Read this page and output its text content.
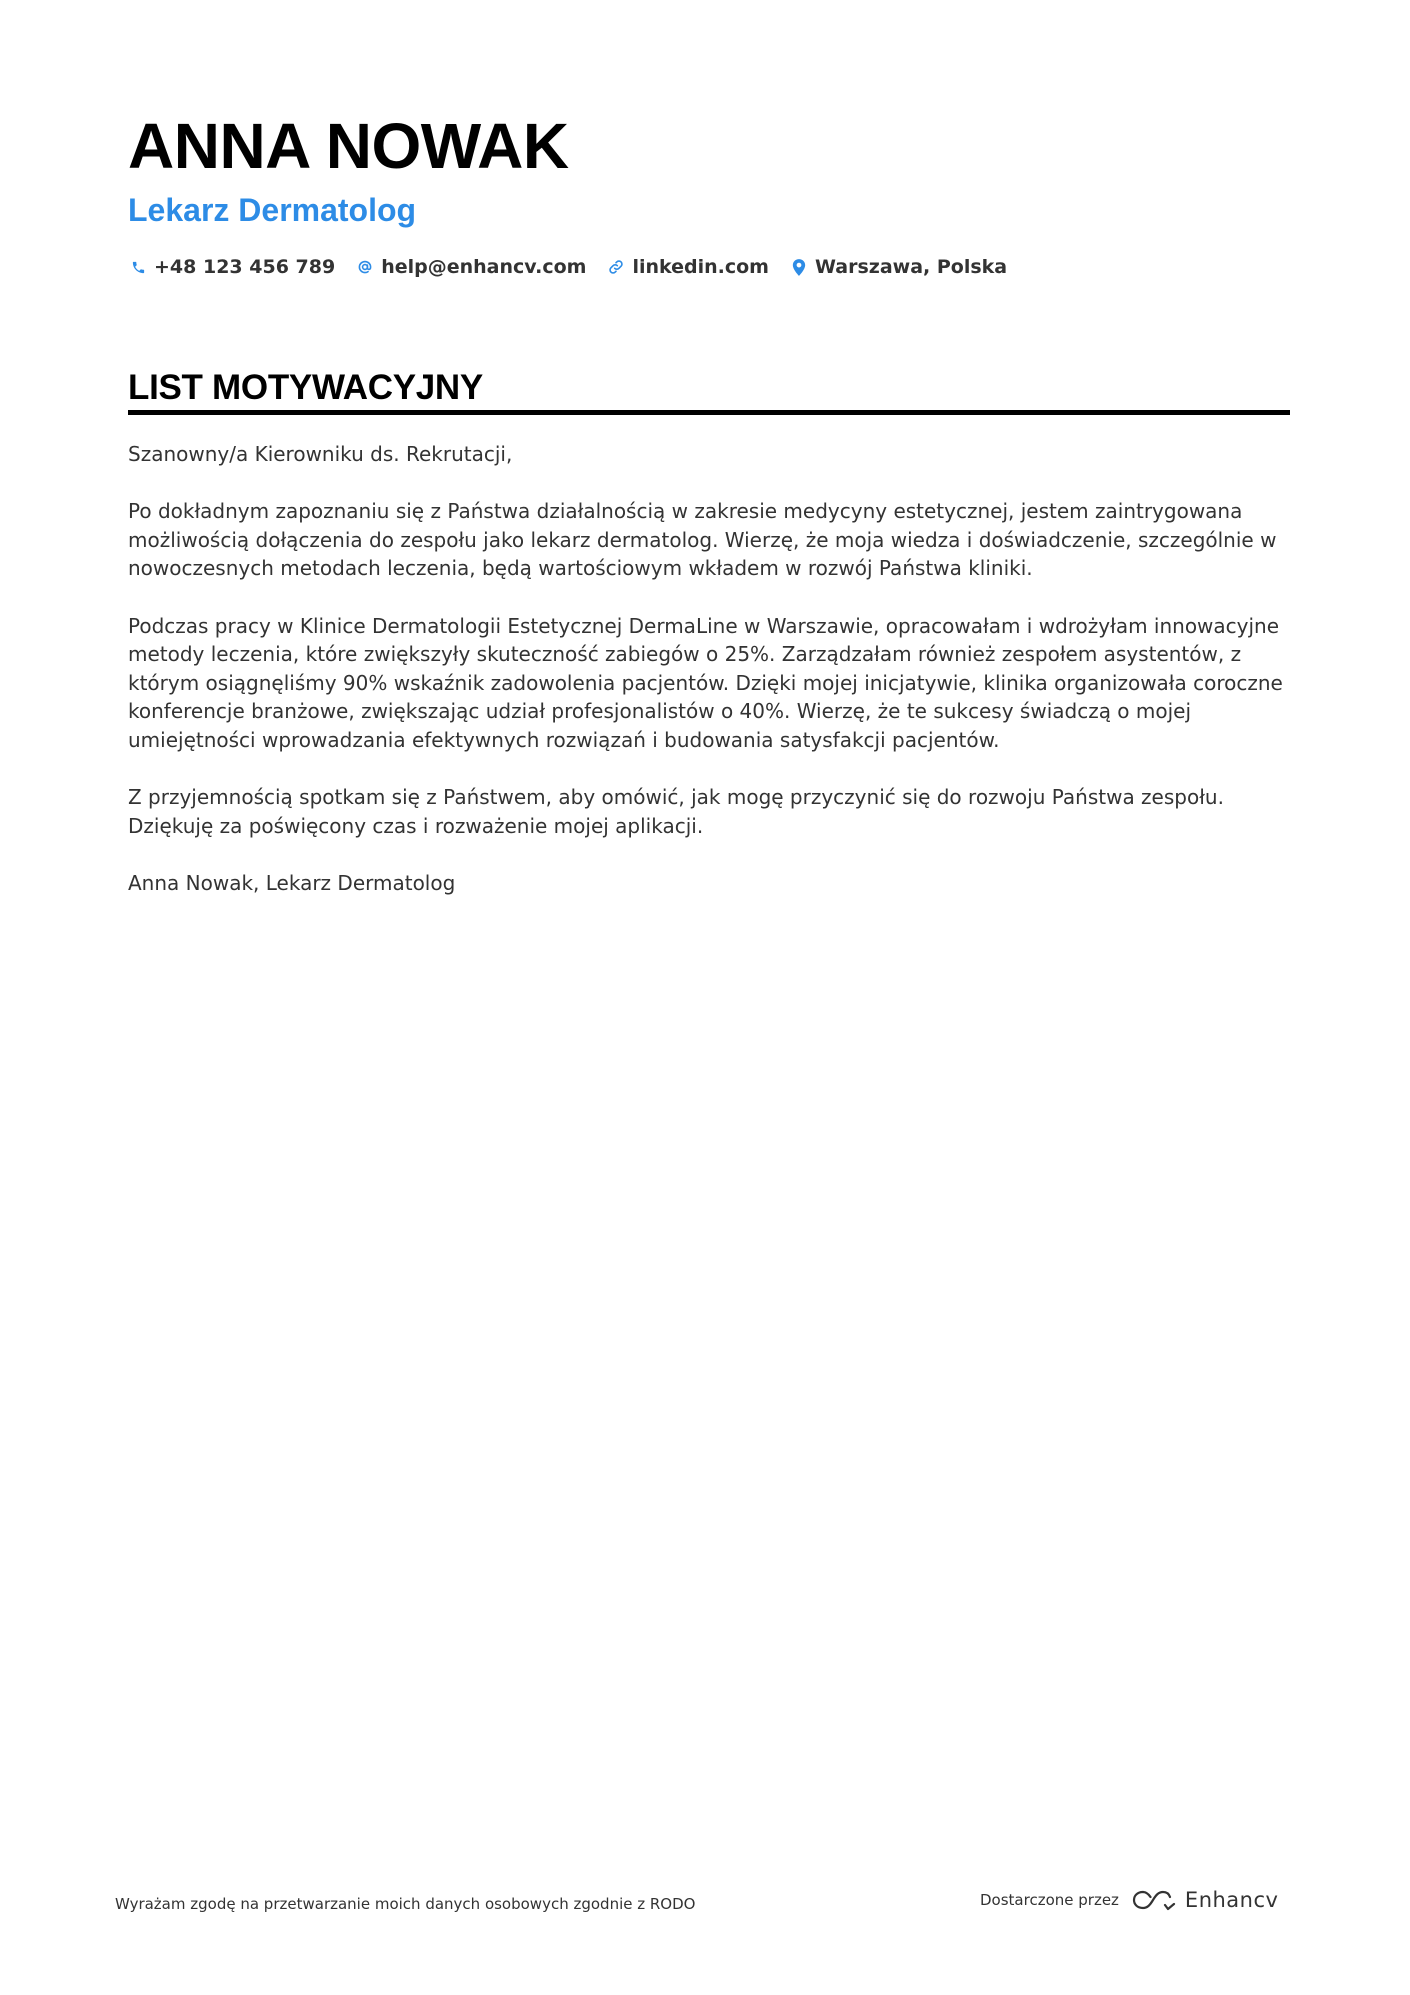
ANNA NOWAK
Lekarz Dermatolog
+48 123 456 789 help@enhancv.com linkedin.com Warszawa, Polska
LIST MOTYWACYJNY

Szanowny/a Kierowniku ds. Rekrutacji,

Po dokładnym zapoznaniu się z Państwa działalnością w zakresie medycyny estetycznej, jestem zaintrygowana możliwością dołączenia do zespołu jako lekarz dermatolog. Wierzę, że moja wiedza i doświadczenie, szczególnie w nowoczesnych metodach leczenia, będą wartościowym wkładem w rozwój Państwa kliniki.

Podczas pracy w Klinice Dermatologii Estetycznej DermaLine w Warszawie, opracowałam i wdrożyłam innowacyjne metody leczenia, które zwiększyły skuteczność zabiegów o 25%. Zarządzałam również zespołem asystentów, z którym osiągnęliśmy 90% wskaźnik zadowolenia pacjentów. Dzięki mojej inicjatywie, klinika organizowała coroczne konferencje branżowe, zwiększając udział profesjonalistów o 40%. Wierzę, że te sukcesy świadczą o mojej umiejętności wprowadzania efektywnych rozwiązań i budowania satysfakcji pacjentów.

Z przyjemnością spotkam się z Państwem, aby omówić, jak mogę przyczynić się do rozwoju Państwa zespołu. Dziękuję za poświęcony czas i rozważenie mojej aplikacji.

Anna Nowak, Lekarz Dermatolog

Wyrażam zgodę na przetwarzanie moich danych osobowych zgodnie z RODO	Dostarczone przez	Enhancv
